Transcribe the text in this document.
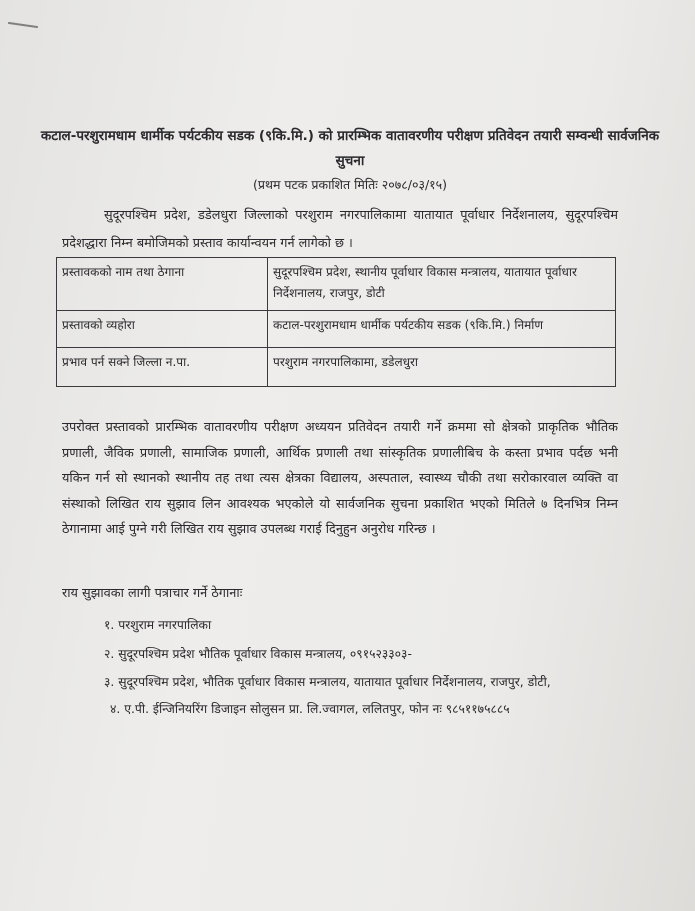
कटाल-परशुरामधाम धार्मीक पर्यटकीय सडक (९कि.मि.) को प्रारम्भिक वातावरणीय परीक्षण प्रतिवेदन तयारी सम्वन्धी सार्वजनिक सुचना
(प्रथम पटक प्रकाशित मितिः २०७८/०३/१५)
सुदूरपश्चिम प्रदेश, डडेलधुरा जिल्लाको परशुराम नगरपालिकामा यातायात पूर्वाधार निर्देशनालय, सुदूरपश्चिम प्रदेशद्धारा निम्न बमोजिमको प्रस्ताव कार्यान्वयन गर्न लागेको छ ।
प्रस्तावकको नाम तथा ठेगाना	सुदूरपश्चिम प्रदेश, स्थानीय पूर्वाधार विकास मन्त्रालय, यातायात पूर्वाधार निर्देशनालय, राजपुर, डोटी
प्रस्तावको व्यहोरा	कटाल-परशुरामधाम धार्मीक पर्यटकीय सडक (९कि.मि.) निर्माण
प्रभाव पर्न सक्ने जिल्ला न.पा.	परशुराम नगरपालिकामा, डडेलधुरा
उपरोक्त प्रस्तावको प्रारम्भिक वातावरणीय परीक्षण अध्ययन प्रतिवेदन तयारी गर्ने क्रममा सो क्षेत्रको प्राकृतिक भौतिक प्रणाली, जैविक प्रणाली, सामाजिक प्रणाली, आर्थिक प्रणाली तथा सांस्कृतिक प्रणालीबिच के कस्ता प्रभाव पर्दछ भनी यकिन गर्न सो स्थानको स्थानीय तह तथा त्यस क्षेत्रका विद्यालय, अस्पताल, स्वास्थ्य चौकी तथा सरोकारवाल व्यक्ति वा संस्थाको लिखित राय सुझाव लिन आवश्यक भएकोले यो सार्वजनिक सुचना प्रकाशित भएको मितिले ७ दिनभित्र निम्न ठेगानामा आई पुग्ने गरी लिखित राय सुझाव उपलब्ध गराई दिनुहुन अनुरोध गरिन्छ ।
राय सुझावका लागी पत्राचार गर्ने ठेगानाः
१. परशुराम नगरपालिका
२. सुदूरपश्चिम प्रदेश भौतिक पूर्वाधार विकास मन्त्रालय, ०९१५२३३०३-
३. सुदूरपश्चिम प्रदेश, भौतिक पूर्वाधार विकास मन्त्रालय, यातायात पूर्वाधार निर्देशनालय, राजपुर, डोटी,
४. ए.पी. ईन्जिनियरिंग डिजाइन सोलुसन प्रा. लि.ज्वागल, ललितपुर, फोन नः ९८५११७५८८५
